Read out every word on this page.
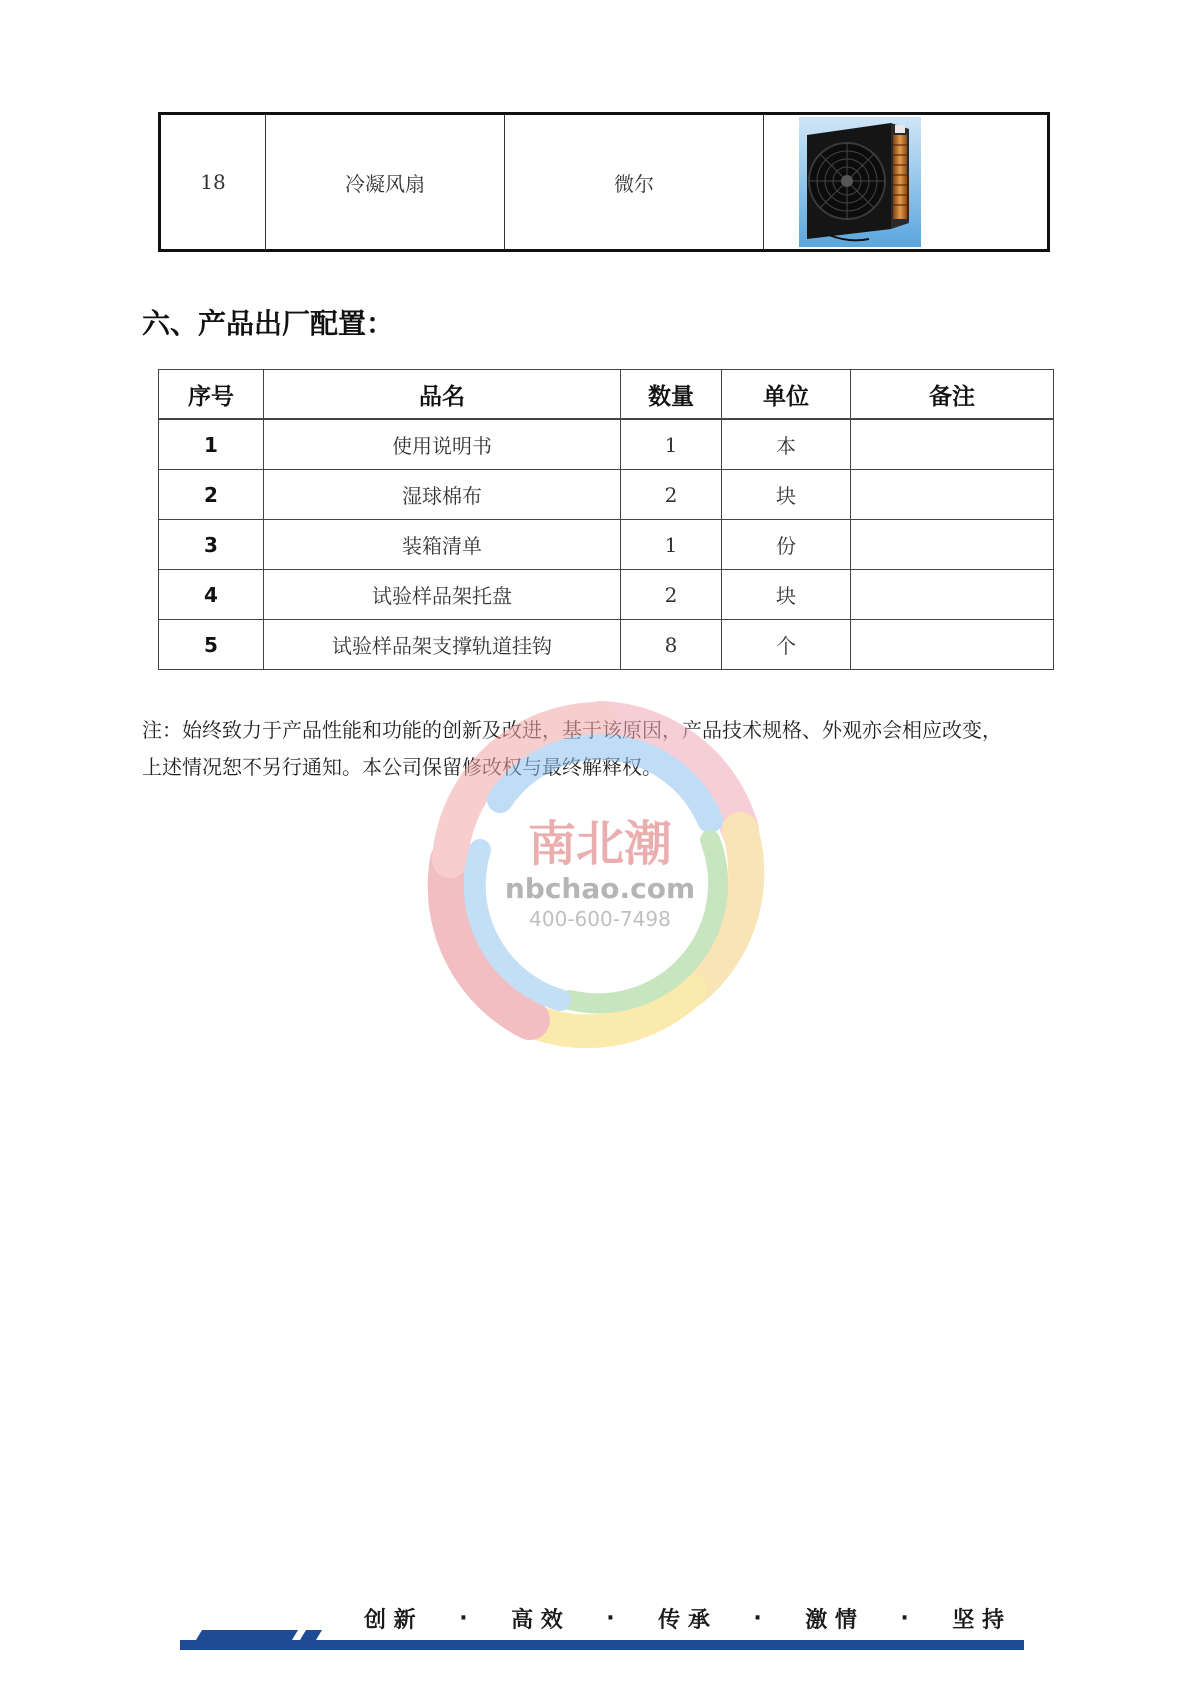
18	冷凝风扇	微尔	
六、产品出厂配置：
序号	品名	数量	单位	备注
1	使用说明书	1	本	
2	湿球棉布	2	块	
3	装箱清单	1	份	
4	试验样品架托盘	2	块	
5	试验样品架支撑轨道挂钩	8	个	

注：始终致力于产品性能和功能的创新及改进，基于该原因，产品技术规格、外观亦会相应改变，
上述情况恕不另行通知。本公司保留修改权与最终解释权。

南北潮
nbchao.com
400-600-7498
创 新	·	高 效	·	传 承	·	激 情	·	坚 持
